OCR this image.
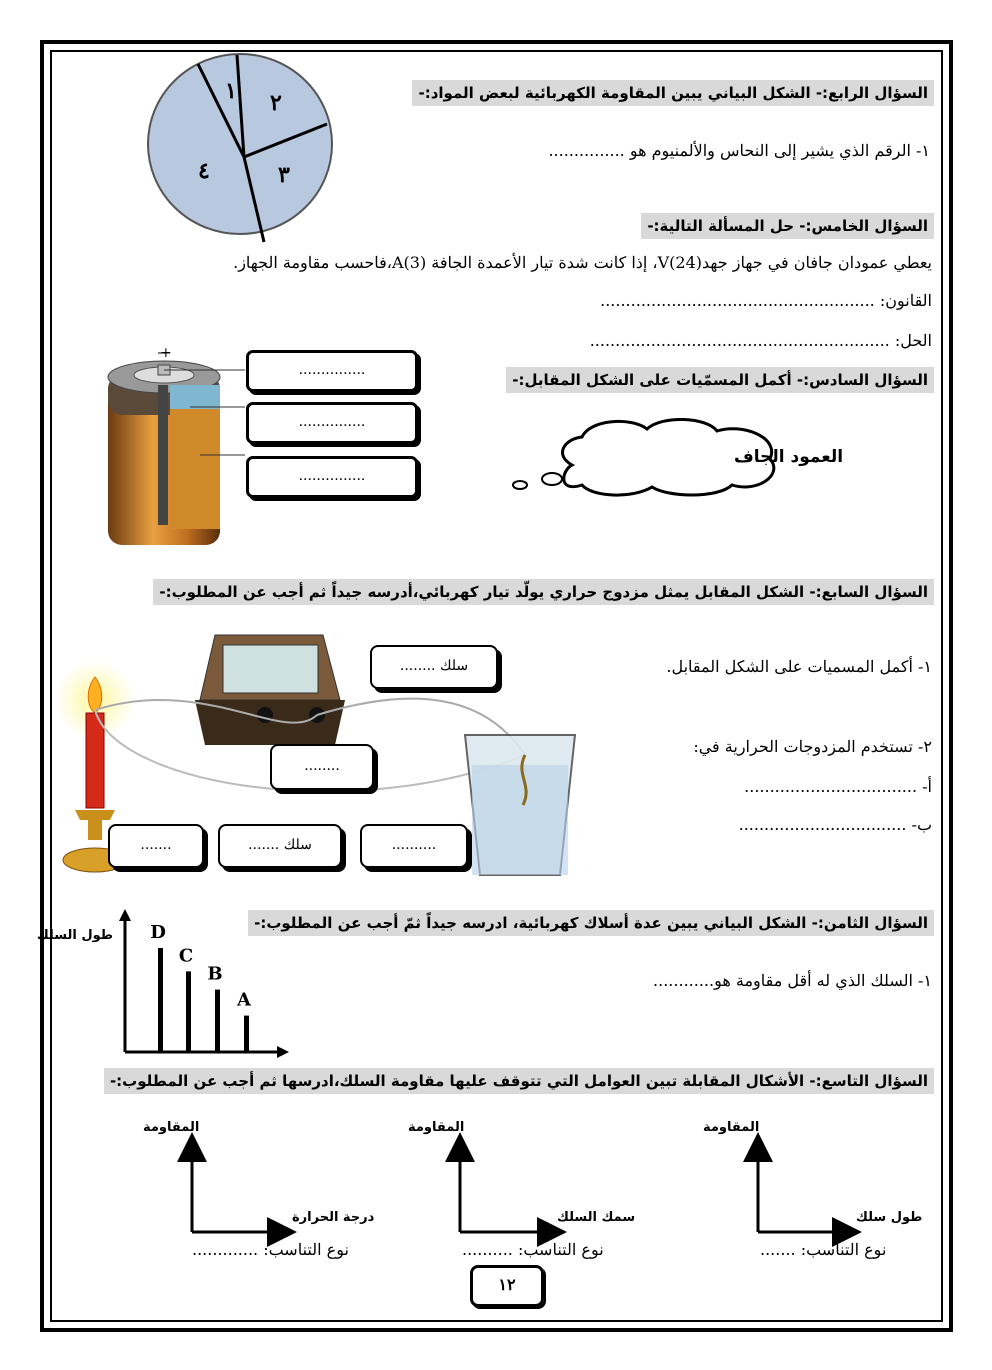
١ ٢
٣
٤
السؤال الرابع:- الشكل البياني يبين المقاومة الكهربائية لبعض المواد:-
١- الرقم الذي يشير إلى النحاس والألمنيوم هو ...............
السؤال الخامس:- حل المسألة التالية:-
يعطي عمودان جافان في جهاز جهدV(24)، إذا كانت شدة تيار الأعمدة الجافة A(3)،فاحسب مقاومة الجهاز.
القانون: ......................................................
الحل: ...........................................................
السؤال السادس:- أكمل المسمّيات على الشكل المقابل:-
+
...............
...............
...............
العمود الجاف
السؤال السابع:- الشكل المقابل يمثل مزدوج حراري يولّد تيار كهربائي،أدرسه جيداً ثم أجب عن المطلوب:-
سلك ........
........
.......	سلك .......	..........
١- أكمل المسميات على الشكل المقابل.
٢- تستخدم المزدوجات الحرارية في:
أ- ..................................
ب- .................................
السؤال الثامن:- الشكل البياني يبين عدة أسلاك كهربائية، ادرسه جيداً ثمّ أجب عن المطلوب:-
طول السلك D
C
B
A
١- السلك الذي له أقل مقاومة هو............
السؤال التاسع:- الأشكال المقابلة تبين العوامل التي تتوقف عليها مقاومة السلك،ادرسها ثم أجب عن المطلوب:-
المقاومة
درجة الحرارة
نوع التناسب: .............
المقاومة
سمك السلك
نوع التناسب: ..........
المقاومة
طول سلك
نوع التناسب: .......
١٢
